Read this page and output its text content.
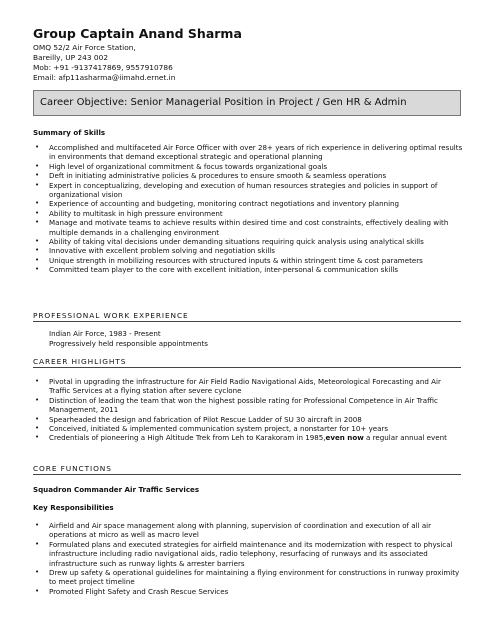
Group Captain Anand Sharma
OMQ 52/2 Air Force Station,
Bareilly, UP 243 002
Mob: +91 -9137417869, 9557910786
Email: afp11asharma@iimahd.ernet.in
Career Objective: Senior Managerial Position in Project / Gen HR & Admin
Summary of Skills
• Accomplished and multifaceted Air Force Officer with over 28+ years of rich experience in delivering optimal results in environments that demand exceptional strategic and operational planning
• High level of organizational commitment & focus towards organizational goals
• Deft in initiating administrative policies & procedures to ensure smooth & seamless operations
• Expert in conceptualizing, developing and execution of human resources strategies and policies in support of organizational vision
• Experience of accounting and budgeting, monitoring contract negotiations and inventory planning
• Ability to multitask in high pressure environment
• Manage and motivate teams to achieve results within desired time and cost constraints, effectively dealing with multiple demands in a challenging environment
• Ability of taking vital decisions under demanding situations requiring quick analysis using analytical skills
• Innovative with excellent problem solving and negotiation skills
• Unique strength in mobilizing resources with structured inputs & within stringent time & cost parameters
• Committed team player to the core with excellent initiation, inter-personal & communication skills
PROFESSIONAL WORK EXPERIENCE
Indian Air Force, 1983 - Present
Progressively held responsible appointments
CAREER HIGHLIGHTS
• Pivotal in upgrading the infrastructure for Air Field Radio Navigational Aids, Meteorological Forecasting and Air Traffic Services at a flying station after severe cyclone
• Distinction of leading the team that won the highest possible rating for Professional Competence in Air Traffic Management, 2011
• Spearheaded the design and fabrication of Pilot Rescue Ladder of SU 30 aircraft in 2008
• Conceived, initiated & implemented communication system project, a nonstarter for 10+ years
• Credentials of pioneering a High Altitude Trek from Leh to Karakoram in 1985,even now a regular annual event
CORE FUNCTIONS
Squadron Commander Air Traffic Services
Key Responsibilities
• Airfield and Air space management along with planning, supervision of coordination and execution of all air operations at micro as well as macro level
• Formulated plans and executed strategies for airfield maintenance and its modernization with respect to physical infrastructure including radio navigational aids, radio telephony, resurfacing of runways and its associated infrastructure such as runway lights & arrester barriers
• Drew up safety & operational guidelines for maintaining a flying environment for constructions in runway proximity to meet project timeline
• Promoted Flight Safety and Crash Rescue Services
